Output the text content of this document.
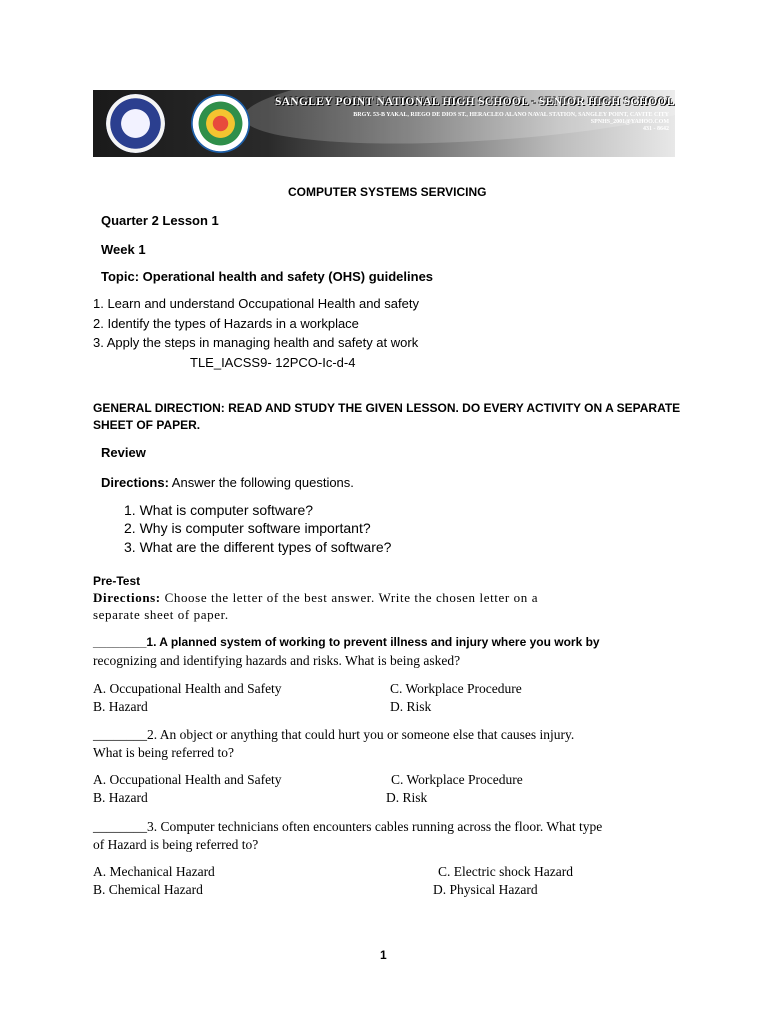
SANGLEY POINT NATIONAL HIGH SCHOOL - SENIOR HIGH SCHOOL
BRGY. 53-B YAKAL, RIEGO DE DIOS ST., HERACLEO ALANO NAVAL STATION, SANGLEY POINT, CAVITE CITY
SPNHS_2001@YAHOO.COM
431 - 8642
COMPUTER SYSTEMS SERVICING
Quarter 2 Lesson 1
Week 1
Topic: Operational health and safety (OHS) guidelines
1. Learn and understand Occupational Health and safety
2. Identify the types of Hazards in a workplace
3. Apply the steps in managing health and safety at work
TLE_IACSS9- 12PCO-Ic-d-4
GENERAL DIRECTION: READ AND STUDY THE GIVEN LESSON. DO EVERY ACTIVITY ON A SEPARATE
SHEET OF PAPER.
Review
Directions: Answer the following questions.
1. What is computer software?
2. Why is computer software important?
3. What are the different types of software?
Pre-Test
Directions: Choose the letter of the best answer. Write the chosen letter on a
separate sheet of paper.
________1. A planned system of working to prevent illness and injury where you work by
recognizing and identifying hazards and risks. What is being asked?
A. Occupational Health and Safety
B. Hazard
C. Workplace Procedure
D. Risk
________2. An object or anything that could hurt you or someone else that causes injury.
What is being referred to?
A. Occupational Health and Safety
B. Hazard
C. Workplace Procedure
D. Risk
________3. Computer technicians often encounters cables running across the floor. What type
of Hazard is being referred to?
A. Mechanical Hazard
B. Chemical Hazard
C. Electric shock Hazard
D. Physical Hazard
1
